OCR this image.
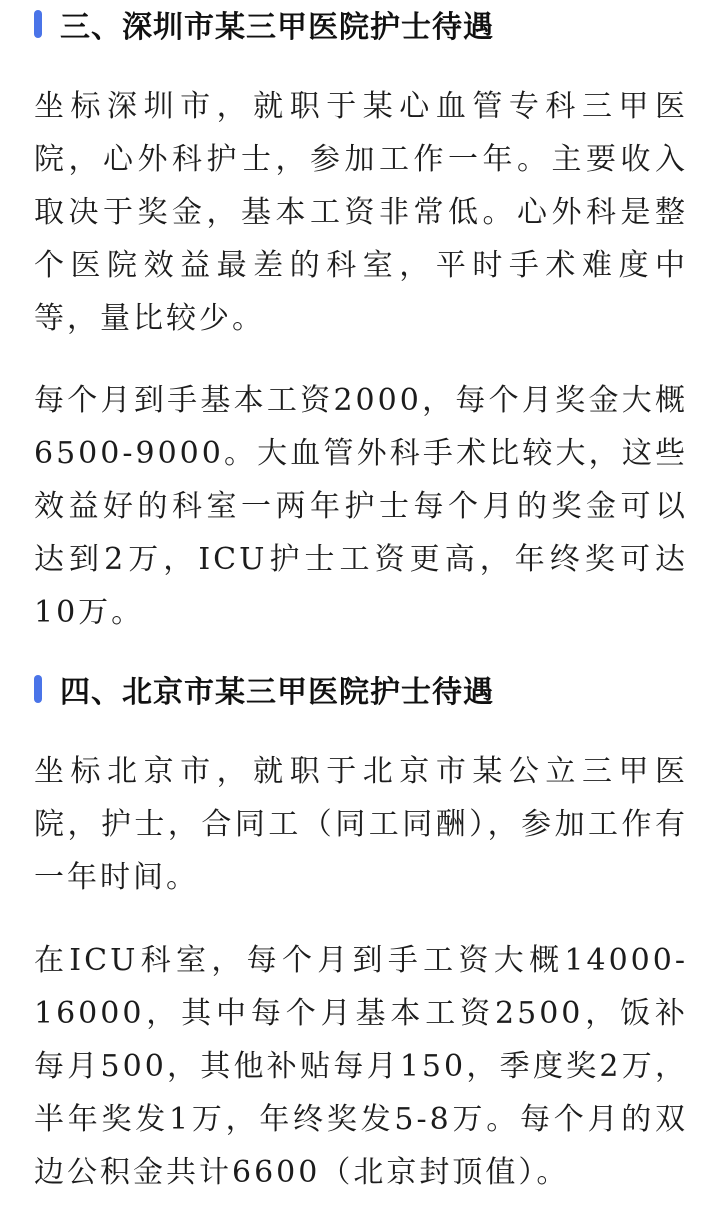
三、深圳市某三甲医院护士待遇

坐标深圳市，就职于某心血管专科三甲医院，心外科护士，参加工作一年。主要收入取决于奖金，基本工资非常低。心外科是整个医院效益最差的科室，平时手术难度中等，量比较少。

每个月到手基本工资2000，每个月奖金大概6500-9000。大血管外科手术比较大，这些效益好的科室一两年护士每个月的奖金可以达到2万，ICU护士工资更高，年终奖可达10万。

四、北京市某三甲医院护士待遇

坐标北京市，就职于北京市某公立三甲医院，护士，合同工（同工同酬），参加工作有一年时间。

在ICU科室，每个月到手工资大概14000-16000，其中每个月基本工资2500，饭补每月500，其他补贴每月150，季度奖2万，半年奖发1万，年终奖发5-8万。每个月的双边公积金共计6600（北京封顶值）。
